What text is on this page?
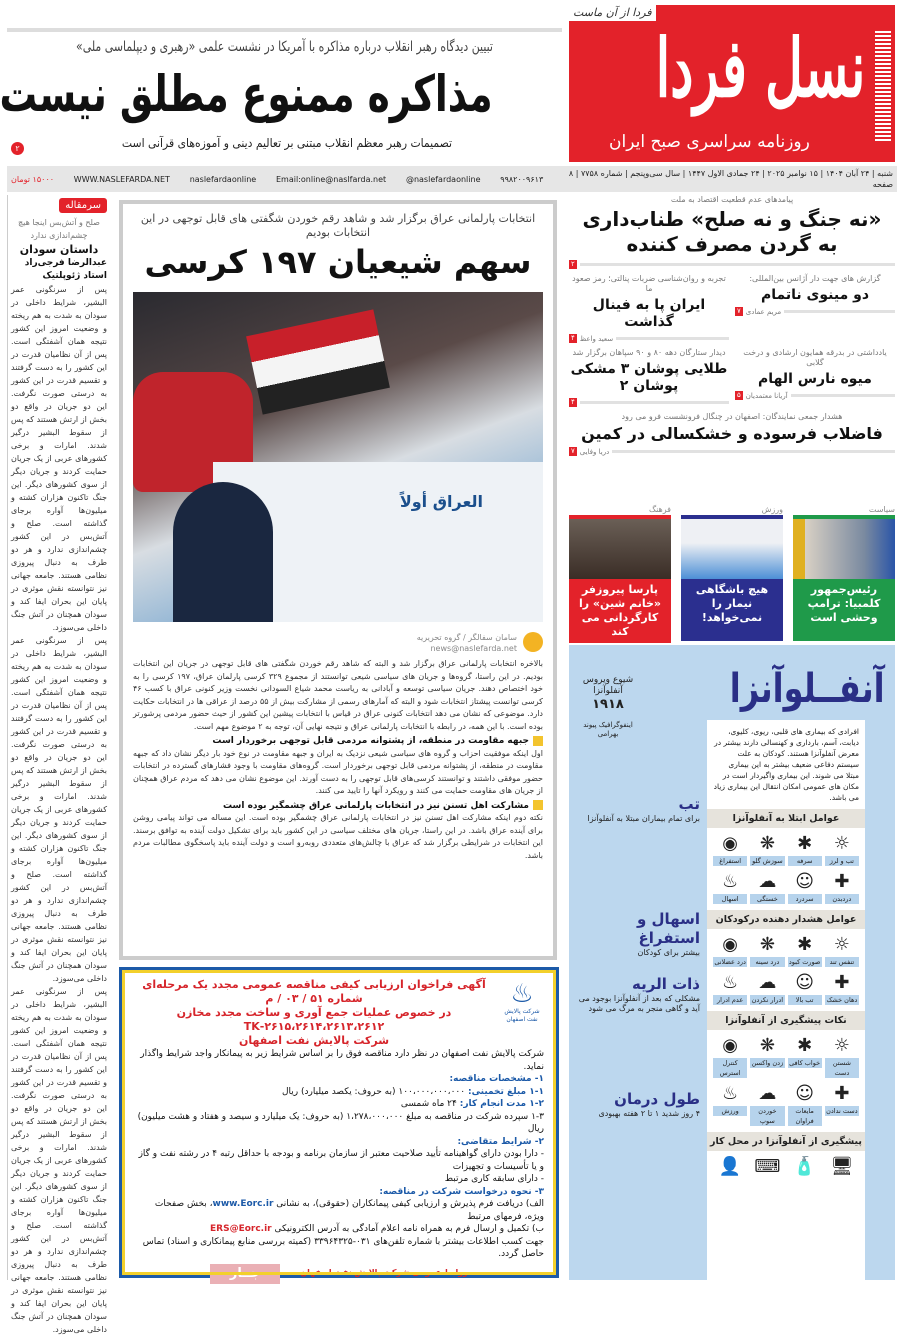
فردا از آن ماست
نسل فردا
روزنامه سراسری صبح ایران
تبیین دیدگاه رهبر انقلاب درباره مذاکره با آمریکا در نشست علمی «رهبری و دیپلماسی ملی»
مذاکره ممنوع مطلق نیست
تصمیمات رهبر معظم انقلاب مبتنی بر تعالیم دینی و آموزه‌های قرآنی است
۲
شنبه | ۲۴ آبان ۱۴۰۴ | ۱۵ نوامبر ۲۰۲۵ | ۲۴ جمادی الاول ۱۴۴۷ | سال سی‌وپنجم | شماره ۷۷۵۸ | ۸ صفحه
۹۹۸۲۰۰۹۶۱۳
@naslefardaonline
Email:online@naslfarda.net
naslefardaonline
WWW.NASLEFARDA.NET
۱۵۰۰۰ تومان
سرمقاله
صلح و آتش‌بس اینجا هیچ
چشم‌اندازی ندارد
داستان سودان
عبدالرضا فرجی‌راد
استاد ژئوپلتیک

پس از سرنگونی عمر البشیر، شرایط داخلی در سودان به شدت به هم ریخته و وضعیت امروز این کشور نتیجه همان آشفتگی است. پس از آن نظامیان قدرت در این کشور را به دست گرفتند و تقسیم قدرت در این کشور به درستی صورت نگرفت. این دو جریان در واقع دو بخش از ارتش هستند که پس از سقوط البشیر درگیر شدند. امارات و برخی کشورهای عربی از یک جریان حمایت کردند و جریان دیگر از سوی کشورهای دیگر. این جنگ تاکنون هزاران کشته و میلیون‌ها آواره برجای گذاشته است. صلح و آتش‌بس در این کشور چشم‌اندازی ندارد و هر دو طرف به دنبال پیروزی نظامی هستند. جامعه جهانی نیز نتوانسته نقش موثری در پایان این بحران ایفا کند و سودان همچنان در آتش جنگ داخلی می‌سوزد.

پس از سرنگونی عمر البشیر، شرایط داخلی در سودان به شدت به هم ریخته و وضعیت امروز این کشور نتیجه همان آشفتگی است. پس از آن نظامیان قدرت در این کشور را به دست گرفتند و تقسیم قدرت در این کشور به درستی صورت نگرفت. این دو جریان در واقع دو بخش از ارتش هستند که پس از سقوط البشیر درگیر شدند. امارات و برخی کشورهای عربی از یک جریان حمایت کردند و جریان دیگر از سوی کشورهای دیگر. این جنگ تاکنون هزاران کشته و میلیون‌ها آواره برجای گذاشته است. صلح و آتش‌بس در این کشور چشم‌اندازی ندارد و هر دو طرف به دنبال پیروزی نظامی هستند. جامعه جهانی نیز نتوانسته نقش موثری در پایان این بحران ایفا کند و سودان همچنان در آتش جنگ داخلی می‌سوزد.

پس از سرنگونی عمر البشیر، شرایط داخلی در سودان به شدت به هم ریخته و وضعیت امروز این کشور نتیجه همان آشفتگی است. پس از آن نظامیان قدرت در این کشور را به دست گرفتند و تقسیم قدرت در این کشور به درستی صورت نگرفت. این دو جریان در واقع دو بخش از ارتش هستند که پس از سقوط البشیر درگیر شدند. امارات و برخی کشورهای عربی از یک جریان حمایت کردند و جریان دیگر از سوی کشورهای دیگر. این جنگ تاکنون هزاران کشته و میلیون‌ها آواره برجای گذاشته است. صلح و آتش‌بس در این کشور چشم‌اندازی ندارد و هر دو طرف به دنبال پیروزی نظامی هستند. جامعه جهانی نیز نتوانسته نقش موثری در پایان این بحران ایفا کند و سودان همچنان در آتش جنگ داخلی می‌سوزد.

انتخابات پارلمانی عراق برگزار شد و شاهد رقم خوردن شگفتی های قابل توجهی در این انتخابات بودیم
سهم شیعیان ۱۹۷ کرسی
العراق أولاً
سامان سفالگر / گروه تحریریه
news@naslefarda.net

بالاخره انتخابات پارلمانی عراق برگزار شد و البته که شاهد رقم خوردن شگفتی های قابل توجهی در جریان این انتخابات بودیم. در این راستا، گروه‌ها و جریان های سیاسی شیعی توانستند از مجموع ۳۲۹ کرسی پارلمان عراق، ۱۹۷ کرسی را به خود اختصاص دهند. جریان سیاسی توسعه و آبادانی به ریاست محمد شیاع السودانی نخست وزیر کنونی عراق با کسب ۴۶ کرسی توانست پیشتاز انتخابات شود و البته که آمارهای رسمی از مشارکت بیش از ۵۵ درصد از عراقی ها در انتخابات حکایت دارد. موضوعی که نشان می دهد انتخابات کنونی عراق در قیاس با انتخابات پیشین این کشور از حیث حضور مردمی پرشورتر بوده است. با این همه، در رابطه با انتخابات پارلمانی عراق و نتیجه نهایی آن، توجه به ۲ موضوع مهم است.

جبهه مقاومت در منطقه، از پشتوانه مردمی قابل توجهی برخوردار است

اول اینکه موفقیت احزاب و گروه های سیاسی شیعی نزدیک به ایران و جبهه مقاومت در نوع خود بار دیگر نشان داد که جبهه مقاومت در منطقه، از پشتوانه مردمی قابل توجهی برخوردار است. گروه‌های مقاومت با وجود فشارهای گسترده در انتخابات حضور موفقی داشتند و توانستند کرسی‌های قابل توجهی را به دست آورند. این موضوع نشان می دهد که مردم عراق همچنان از جریان های مقاومت حمایت می کنند و رویکرد آنها را تایید می کنند.

مشارکت اهل تسنن نیز در انتخابات پارلمانی عراق چشمگیر بوده است

نکته دوم اینکه مشارکت اهل تسنن نیز در انتخابات پارلمانی عراق چشمگیر بوده است. این مساله می تواند پیامی روشن برای آینده عراق باشد. در این راستا، جریان های مختلف سیاسی در این کشور باید برای تشکیل دولت آینده به توافق برسند. این انتخابات در شرایطی برگزار شد که عراق با چالش‌های متعددی روبه‌رو است و دولت آینده باید پاسخگوی مطالبات مردم باشد.

♨
شرکت پالایش نفت اصفهان
آگهی فراخوان ارزیابی کیفی مناقصه عمومی مجدد یک مرحله‌ای شماره ۵۱ / ۰۳ / م
در خصوص عملیات جمع آوری و ساخت مجدد مخازن ۲۶۱۵،۲۶۱۴،۲۶۱۳،۲۶۱۲-TK
شرکت پالایش نفت اصفهان
شرکت پالایش نفت اصفهان در نظر دارد مناقصه فوق را بر اساس شرایط زیر به پیمانکار واجد شرایط واگذار نماید.
۱- مشخصات مناقصه:
۱-۱ مبلغ تخمینی: ۱۰۰،۰۰۰،۰۰۰،۰۰۰ (به حروف: یکصد میلیارد) ریال
۱-۲ مدت انجام کار: ۲۴ ماه شمسی
۱-۳ سپرده شرکت در مناقصه به مبلغ ۱،۲۷۸،۰۰۰،۰۰۰ (به حروف: یک میلیارد و سیصد و هفتاد و هشت میلیون) ریال
۲- شرایط متقاضی:
- دارا بودن دارای گواهینامه تأیید صلاحیت معتبر از سازمان برنامه و بودجه با حداقل رتبه ۴ در رشته نفت و گاز و یا تأسیسات و تجهیزات
- دارای سابقه کاری مرتبط
۳- نحوه درخواست شرکت در مناقصه:
الف) دریافت فرم پذیرش و ارزیابی کیفی پیمانکاران (حقوقی)، به نشانی www.Eorc.ir، بخش صفحات ویژه، فرمهای مرتبط
ب) تکمیل و ارسال فرم به همراه نامه اعلام آمادگی به آدرس الکترونیکی ERS@Eorc.ir
جهت کسب اطلاعات بیشتر با شماره تلفن‌های ۰۳۱-۳۳۹۶۴۳۲۵ (کمیته بررسی منابع پیمانکاری و اسناد) تماس حاصل گردد.
روابط عمومی شرکت پالایش نفت اصفهان
جــار
پیامدهای عدم قطعیت اقتصاد به ملت
«نه جنگ و نه صلح» طناب‌داری به گردن مصرف کننده
۲
گزارش های جهت دار آژانس بین‌المللی:
دو مینوی ناتمام
۷ مریم عمادی
تجربه و روان‌شناسی ضربات پنالتی؛ رمز صعود ما
ایران پا به فینال گذاشت
۴ سعید واعظ
یادداشتی در بدرقه همایون ارشادی و درخت گلابی
میوه نارس الهام
۵ آریانا معتمدیان
دیدار ستارگان دهه ۸۰ و ۹۰ سپاهان برگزار شد
طلایی پوشان ۳ مشکی پوشان ۲
۴
هشدار جمعی نمایندگان: اصفهان در چنگال فرونشست فرو می رود
فاضلاب فرسوده و خشکسالی در کمین
۷ دریا وفایی
فرهنگ
پارسا پیروزفر «خانم شین» را کارگردانی می کند
ورزش
هیچ باشگاهی نیمار را نمی‌خواهد!
سیاست
رئیس‌جمهور کلمبیا: ترامپ وحشی است
آنفــلوآنزا
شیوع ویروس آنفلوآنزا
۱۹۱۸
اینفوگرافیک پیوند بهرامی
تب
برای تمام بیماران مبتلا به آنفلوآنزا
اسهال و استفراغ
بیشتر برای کودکان
ذات الریه
مشکلی که بعد از آنفلوآنزا بوجود می آید و گاهی منجر به مرگ می شود
طول درمان
۴ روز شدید ۱ تا ۲ هفته بهبودی
افرادی که بیماری های قلبی، ریوی، کلیوی، دیابت، آسم، بارداری و کهنسالی دارند بیشتر در معرض آنفلوآنزا هستند. کودکان به علت سیستم دفاعی ضعیف بیشتر به این بیماری مبتلا می شوند. این بیماری واگیردار است در مکان های عمومی امکان انتقال این بیماری زیاد می باشد.
عوامل ابتلا به آنفلوآنزا
☼
تب و لرز
✱
سرفه
❋
سوزش گلو
◉
استفراغ
✚
دردبدن
☺
سردرد
☁
خستگی
♨
اسهال
عوامل هشدار دهنده درکودکان
☼
تنفس تند
✱
صورت کبود
❋
درد سینه
◉
درد عضلانی
✚
دهان خشک
☺
تب بالا
☁
ادرار نکردن
♨
عدم ادرار
نکات پیشگیری از آنفلوآنزا
☼
شستن دست
✱
خواب کافی
❋
زدن واکسن
◉
کنترل استرس
✚
دست ندادن
☺
مایعات فراوان
☁
خوردن سوپ
♨
ورزش
پیشگیری از آنفلوآنزا در محل کار
🖥
🧴
⌨
👤
